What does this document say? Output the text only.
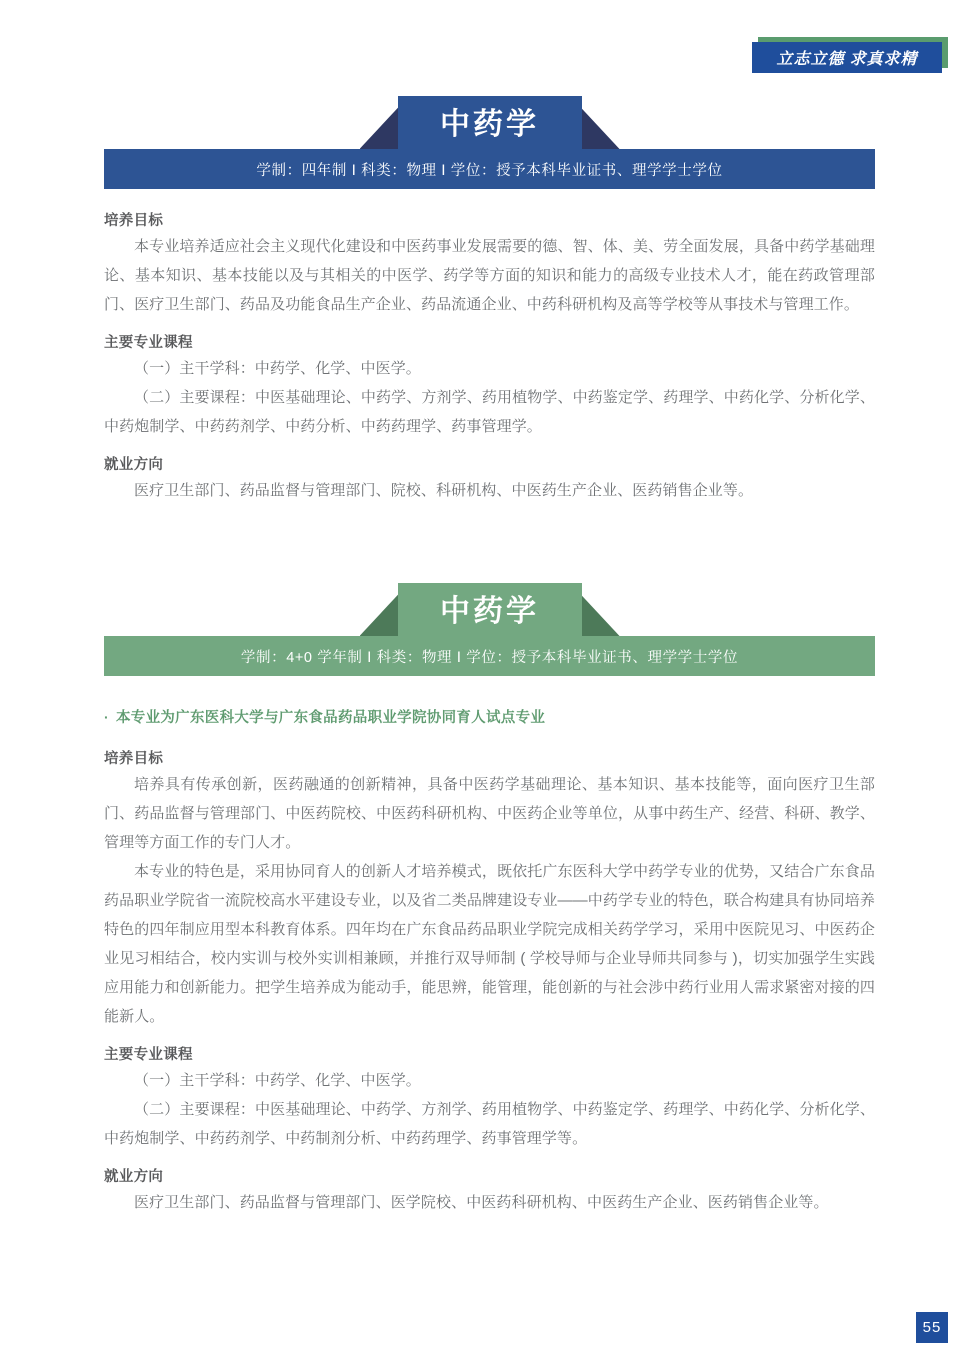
立志立德 求真求精
中药学
学制：四年制 Ⅰ 科类：物理 Ⅰ 学位：授予本科毕业证书、理学学士学位
培养目标

本专业培养适应社会主义现代化建设和中医药事业发展需要的德、智、体、美、劳全面发展，具备中药学基础理论、基本知识、基本技能以及与其相关的中医学、药学等方面的知识和能力的高级专业技术人才，能在药政管理部门、医疗卫生部门、药品及功能食品生产企业、药品流通企业、中药科研机构及高等学校等从事技术与管理工作。

主要专业课程

（一）主干学科：中药学、化学、中医学。

（二）主要课程：中医基础理论、中药学、方剂学、药用植物学、中药鉴定学、药理学、中药化学、分析化学、中药炮制学、中药药剂学、中药分析、中药药理学、药事管理学。

就业方向

医疗卫生部门、药品监督与管理部门、院校、科研机构、中医药生产企业、医药销售企业等。

中药学
学制：4+0 学年制 Ⅰ 科类：物理 Ⅰ 学位：授予本科毕业证书、理学学士学位
· 本专业为广东医科大学与广东食品药品职业学院协同育人试点专业
培养目标

培养具有传承创新，医药融通的创新精神，具备中医药学基础理论、基本知识、基本技能等，面向医疗卫生部门、药品监督与管理部门、中医药院校、中医药科研机构、中医药企业等单位，从事中药生产、经营、科研、教学、管理等方面工作的专门人才。

本专业的特色是，采用协同育人的创新人才培养模式，既依托广东医科大学中药学专业的优势，又结合广东食品药品职业学院省一流院校高水平建设专业，以及省二类品牌建设专业——中药学专业的特色，联合构建具有协同培养特色的四年制应用型本科教育体系。四年均在广东食品药品职业学院完成相关药学学习，采用中医院见习、中医药企业见习相结合，校内实训与校外实训相兼顾，并推行双导师制 ( 学校导师与企业导师共同参与 )，切实加强学生实践应用能力和创新能力。把学生培养成为能动手，能思辨，能管理，能创新的与社会涉中药行业用人需求紧密对接的四能新人。

主要专业课程

（一）主干学科：中药学、化学、中医学。

（二）主要课程：中医基础理论、中药学、方剂学、药用植物学、中药鉴定学、药理学、中药化学、分析化学、中药炮制学、中药药剂学、中药制剂分析、中药药理学、药事管理学等。

就业方向

医疗卫生部门、药品监督与管理部门、医学院校、中医药科研机构、中医药生产企业、医药销售企业等。

55
